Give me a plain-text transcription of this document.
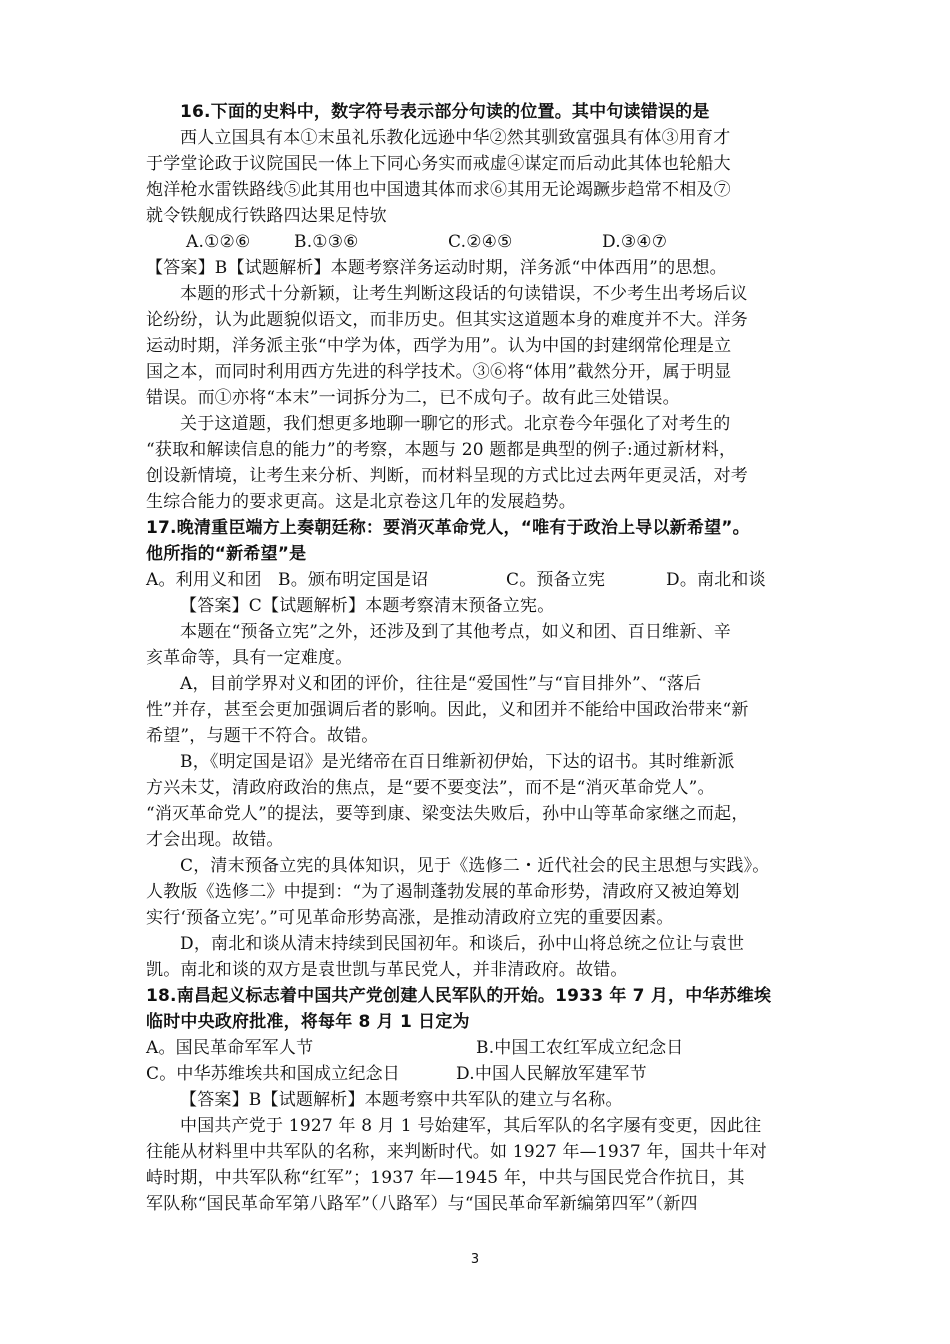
16.下面的史料中，数字符号表示部分句读的位置。其中句读错误的是
西人立国具有本①末虽礼乐教化远逊中华②然其驯致富强具有体③用育才
于学堂论政于议院国民一体上下同心务实而戒虚④谋定而后动此其体也轮船大
炮洋枪水雷铁路线⑤此其用也中国遗其体而求⑥其用无论竭蹶步趋常不相及⑦
就令铁舰成行铁路四达果足恃欤
A.①②⑥	B.①③⑥	C.②④⑤	D.③④⑦
【答案】B【试题解析】本题考察洋务运动时期，洋务派“中体西用”的思想。
本题的形式十分新颖，让考生判断这段话的句读错误，不少考生出考场后议
论纷纷，认为此题貌似语文，而非历史。但其实这道题本身的难度并不大。洋务
运动时期，洋务派主张“中学为体，西学为用”。认为中国的封建纲常伦理是立
国之本，而同时利用西方先进的科学技术。③⑥将“体用”截然分开，属于明显
错误。而①亦将“本末”一词拆分为二，已不成句子。故有此三处错误。
关于这道题，我们想更多地聊一聊它的形式。北京卷今年强化了对考生的
“获取和解读信息的能力”的考察，本题与 20 题都是典型的例子:通过新材料，
创设新情境，让考生来分析、判断，而材料呈现的方式比过去两年更灵活，对考
生综合能力的要求更高。这是北京卷这几年的发展趋势。
17.晚清重臣端方上奏朝廷称：要消灭革命党人，“唯有于政治上导以新希望”。
他所指的“新希望”是
A。利用义和团 B。颁布明定国是诏	C。预备立宪	D。南北和谈
【答案】C【试题解析】本题考察清末预备立宪。
本题在“预备立宪”之外，还涉及到了其他考点，如义和团、百日维新、辛
亥革命等，具有一定难度。
A，目前学界对义和团的评价，往往是“爱国性”与“盲目排外”、“落后
性”并存，甚至会更加强调后者的影响。因此，义和团并不能给中国政治带来“新
希望”，与题干不符合。故错。
B，《明定国是诏》是光绪帝在百日维新初伊始，下达的诏书。其时维新派
方兴未艾，清政府政治的焦点，是“要不要变法”，而不是“消灭革命党人”。
“消灭革命党人”的提法，要等到康、梁变法失败后，孙中山等革命家继之而起，
才会出现。故错。
C，清末预备立宪的具体知识，见于《选修二・近代社会的民主思想与实践》。
人教版《选修二》中提到：“为了遏制蓬勃发展的革命形势，清政府又被迫筹划
实行‘预备立宪’。”可见革命形势高涨，是推动清政府立宪的重要因素。
D，南北和谈从清末持续到民国初年。和谈后，孙中山将总统之位让与袁世
凯。南北和谈的双方是袁世凯与革民党人，并非清政府。故错。
18.南昌起义标志着中国共产党创建人民军队的开始。1933 年 7 月，中华苏维埃
临时中央政府批准，将每年 8 月 1 日定为
A。国民革命军军人节	B.中国工农红军成立纪念日
C。中华苏维埃共和国成立纪念日	D.中国人民解放军建军节
【答案】B【试题解析】本题考察中共军队的建立与名称。
中国共产党于 1927 年 8 月 1 号始建军，其后军队的名字屡有变更，因此往
往能从材料里中共军队的名称，来判断时代。如 1927 年—1937 年，国共十年对
峙时期，中共军队称“红军”；1937 年—1945 年，中共与国民党合作抗日，其
军队称“国民革命军第八路军”（八路军）与“国民革命军新编第四军”（新四
3
